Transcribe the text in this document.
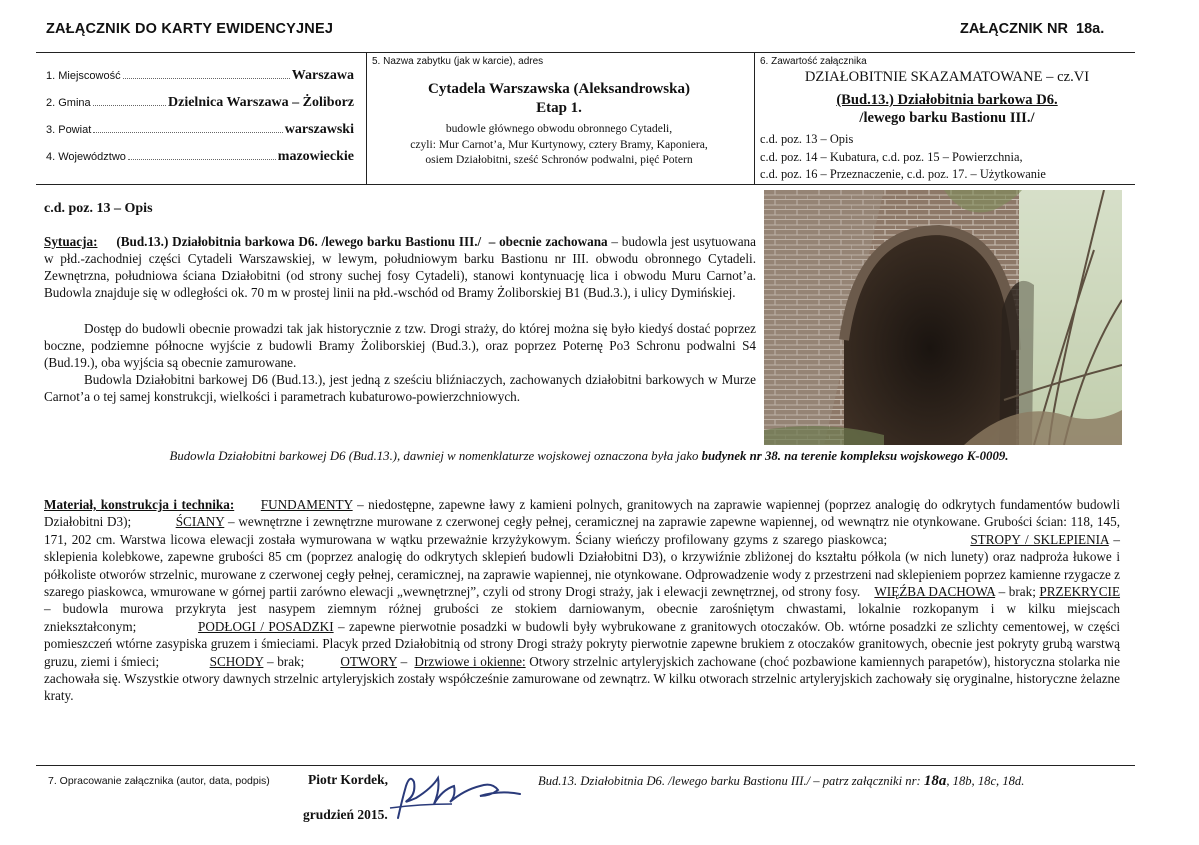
ZAŁĄCZNIK DO KARTY EWIDENCYJNEJ	ZAŁĄCZNIK NR 18a.
1. Miejscowość	Warszawa
2. Gmina	Dzielnica Warszawa – Żoliborz
3. Powiat	warszawski
4. Województwo	mazowieckie
5. Nazwa zabytku (jak w karcie), adres
Cytadela Warszawska (Aleksandrowska)
Etap 1.
budowle głównego obwodu obronnego Cytadeli,
czyli: Mur Carnot’a, Mur Kurtynowy, cztery Bramy, Kaponiera,
osiem Działobitni, sześć Schronów podwalni, pięć Potern
6. Zawartość załącznika
DZIAŁOBITNIE SKAZAMATOWANE – cz.VI
(Bud.13.) Działobitnia barkowa D6.
/lewego barku Bastionu III./
c.d. poz. 13 – Opis
c.d. poz. 14 – Kubatura, c.d. poz. 15 – Powierzchnia,
c.d. poz. 16 – Przeznaczenie, c.d. poz. 17. – Użytkowanie
c.d. poz. 13 – Opis
Sytuacja: (Bud.13.) Działobitnia barkowa D6. /lewego barku Bastionu III./ – obecnie zachowana – budowla jest usytuowana w płd.-zachodniej części Cytadeli Warszawskiej, w lewym, południowym barku Bastionu nr III. obwodu obronnego Cytadeli. Zewnętrzna, południowa ściana Działobitni (od strony suchej fosy Cytadeli), stanowi kontynuację lica i obwodu Muru Carnot’a. Budowla znajduje się w odległości ok. 70 m w prostej linii na płd.-wschód od Bramy Żoliborskiej B1 (Bud.3.), i ulicy Dymińskiej.
Dostęp do budowli obecnie prowadzi tak jak historycznie z tzw. Drogi straży, do której można się było kiedyś dostać poprzez boczne, podziemne północne wyjście z budowli Bramy Żoliborskiej (Bud.3.), oraz poprzez Poternę Po3 Schronu podwalni S4 (Bud.19.), oba wyjścia są obecnie zamurowane.
Budowla Działobitni barkowej D6 (Bud.13.), jest jedną z sześciu bliźniaczych, zachowanych działobitni barkowych w Murze Carnot’a o tej samej konstrukcji, wielkości i parametrach kubaturowo-powierzchniowych.
Budowla Działobitni barkowej D6 (Bud.13.), dawniej w nomenklaturze wojskowej oznaczona była jako budynek nr 38. na terenie kompleksu wojskowego K-0009.
Materiał, konstrukcja i technika: FUNDAMENTY – niedostępne, zapewne ławy z kamieni polnych, granitowych na zaprawie wapiennej (poprzez analogię do odkrytych fundamentów budowli Działobitni D3);	ŚCIANY – wewnętrzne i zewnętrzne murowane z czerwonej cegły pełnej, ceramicznej na zaprawie zapewne wapiennej, od wewnątrz nie otynkowane. Grubości ścian: 118, 145, 171, 202 cm. Warstwa licowa elewacji została wymurowana w wątku przeważnie krzyżykowym. Ściany wieńczy profilowany gzyms z szarego piaskowca;	STROPY / SKLEPIENIA – sklepienia kolebkowe, zapewne grubości 85 cm (poprzez analogię do odkrytych sklepień budowli Działobitni D3), o krzywiźnie zbliżonej do kształtu półkola (w nich lunety) oraz nadproża łukowe i półkoliste otworów strzelnic, murowane z czerwonej cegły pełnej, ceramicznej, na zaprawie wapiennej, nie otynkowane. Odprowadzenie wody z przestrzeni nad sklepieniem poprzez kamienne rzygacze z szarego piaskowca, wmurowane w górnej partii zarówno elewacji „wewnętrznej”, czyli od strony Drogi straży, jak i elewacji zewnętrznej, od strony fosy. WIĘŹBA DACHOWA – brak; PRZEKRYCIE – budowla murowa przykryta jest nasypem ziemnym różnej grubości ze stokiem darniowanym, obecnie zarośniętym chwastami, lokalnie rozkopanym i w kilku miejscach zniekształconym;	PODŁOGI / POSADZKI – zapewne pierwotnie posadzki w budowli były wybrukowane z granitowych otoczaków. Ob. wtórne posadzki ze szlichty cementowej, w części pomieszczeń wtórne zasypiska gruzem i śmieciami. Placyk przed Działobitnią od strony Drogi straży pokryty pierwotnie zapewne brukiem z otoczaków granitowych, obecnie jest pokryty grubą warstwą gruzu, ziemi i śmieci;	SCHODY – brak;	OTWORY –  Drzwiowe i okienne: Otwory strzelnic artyleryjskich zachowane (choć pozbawione kamiennych parapetów), historyczna stolarka nie zachowała się. Wszystkie otwory dawnych strzelnic artyleryjskich zostały współcześnie zamurowane od zewnątrz. W kilku otworach strzelnic artyleryjskich zachowały się oryginalne, historyczne żelazne kraty.
7. Opracowanie załącznika (autor, data, podpis)	Piotr Kordek,
grudzień 2015.
Bud.13. Działobitnia D6. /lewego barku Bastionu III./ – patrz załączniki nr: 18a, 18b, 18c, 18d.
